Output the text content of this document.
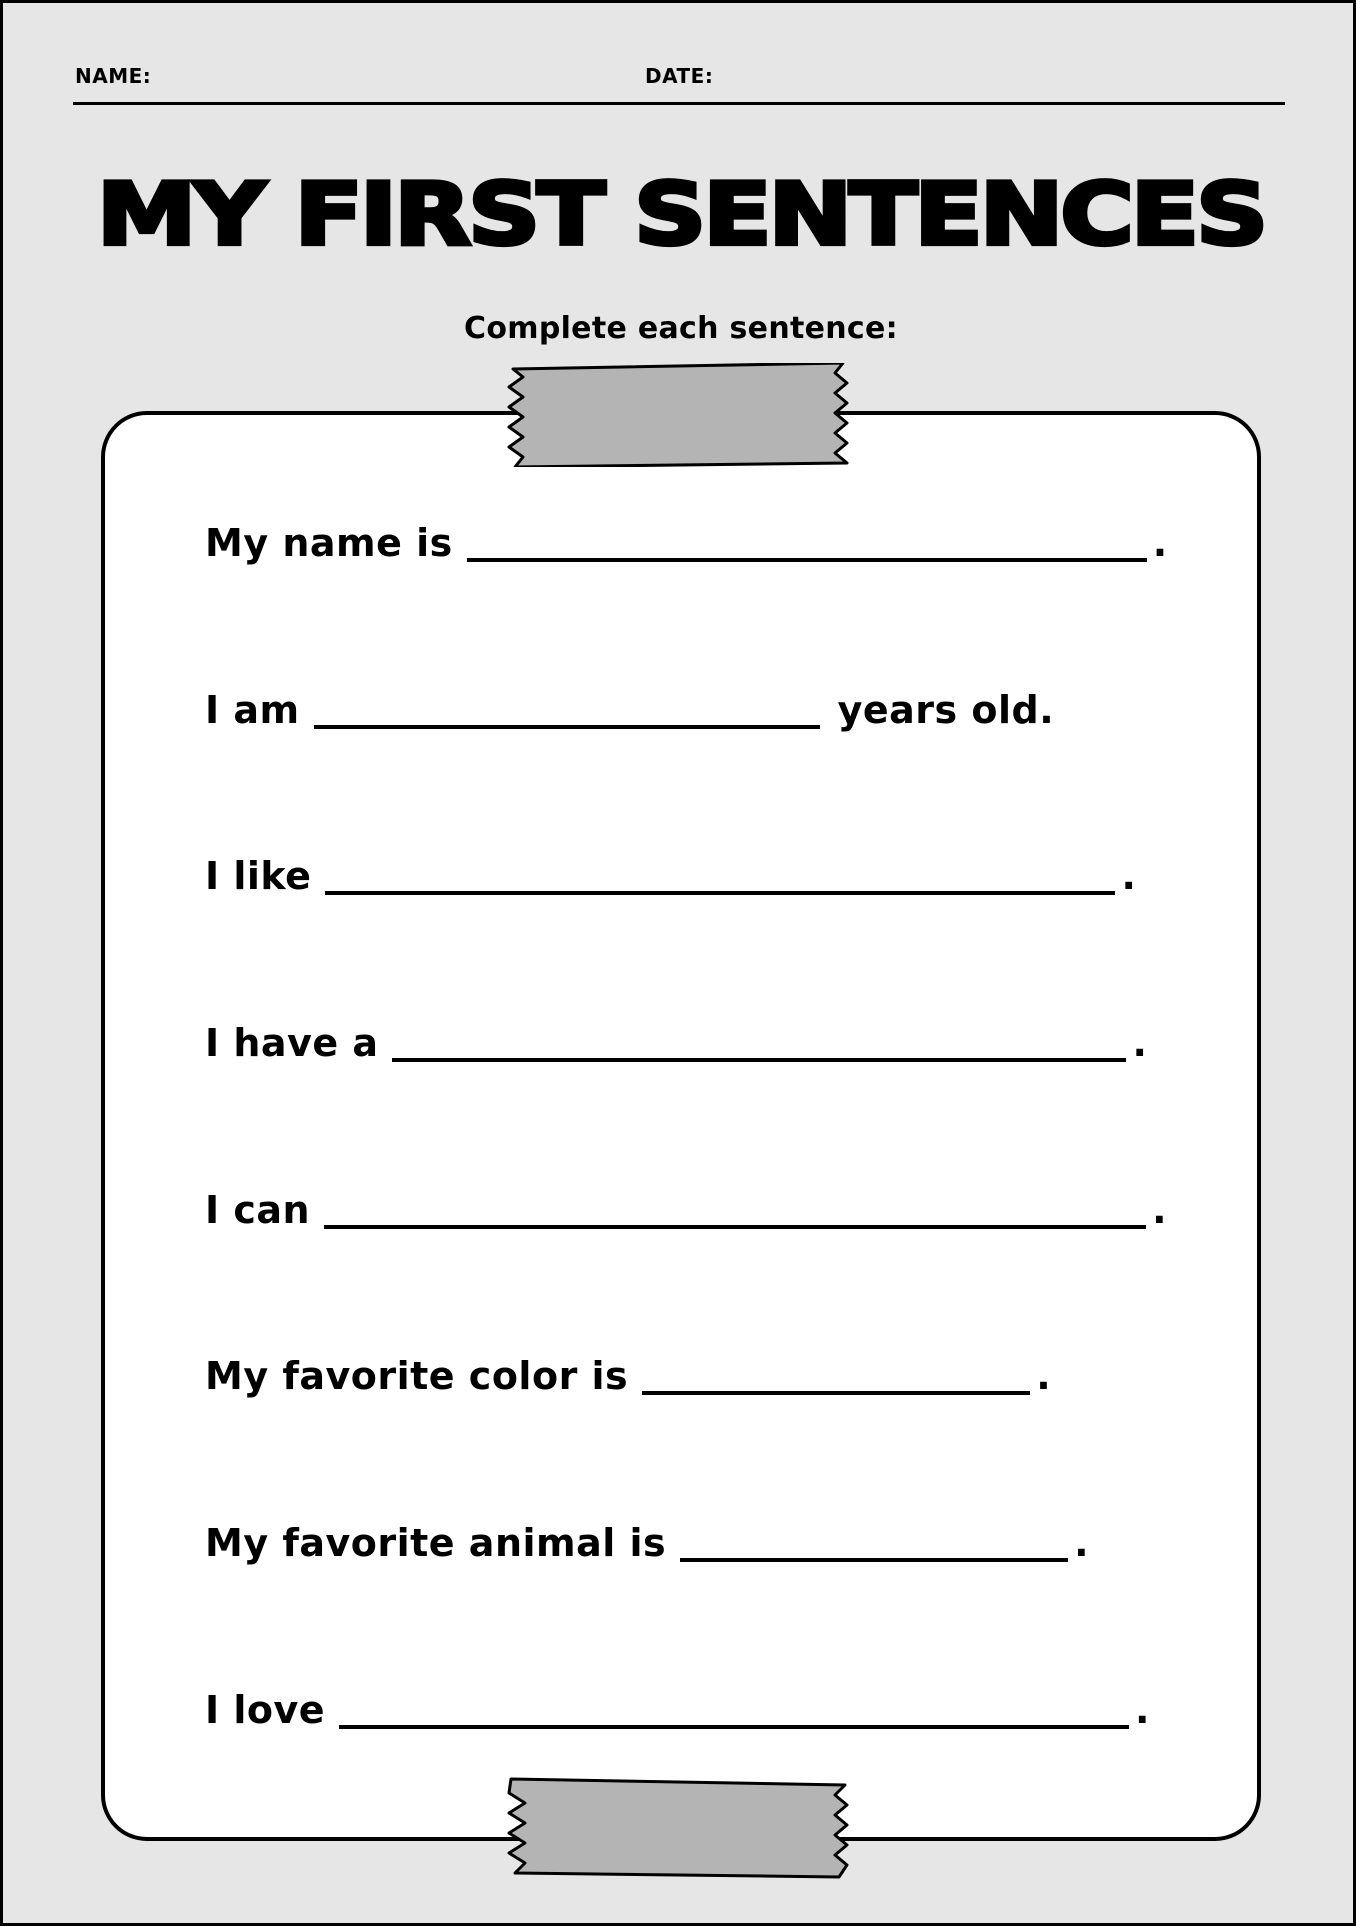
NAME:	DATE:
MY FIRST SENTENCES
Complete each sentence:
My name is	.
I am	years old.
I like	.
I have a	.
I can	.
My favorite color is	.
My favorite animal is	.
I love	.
